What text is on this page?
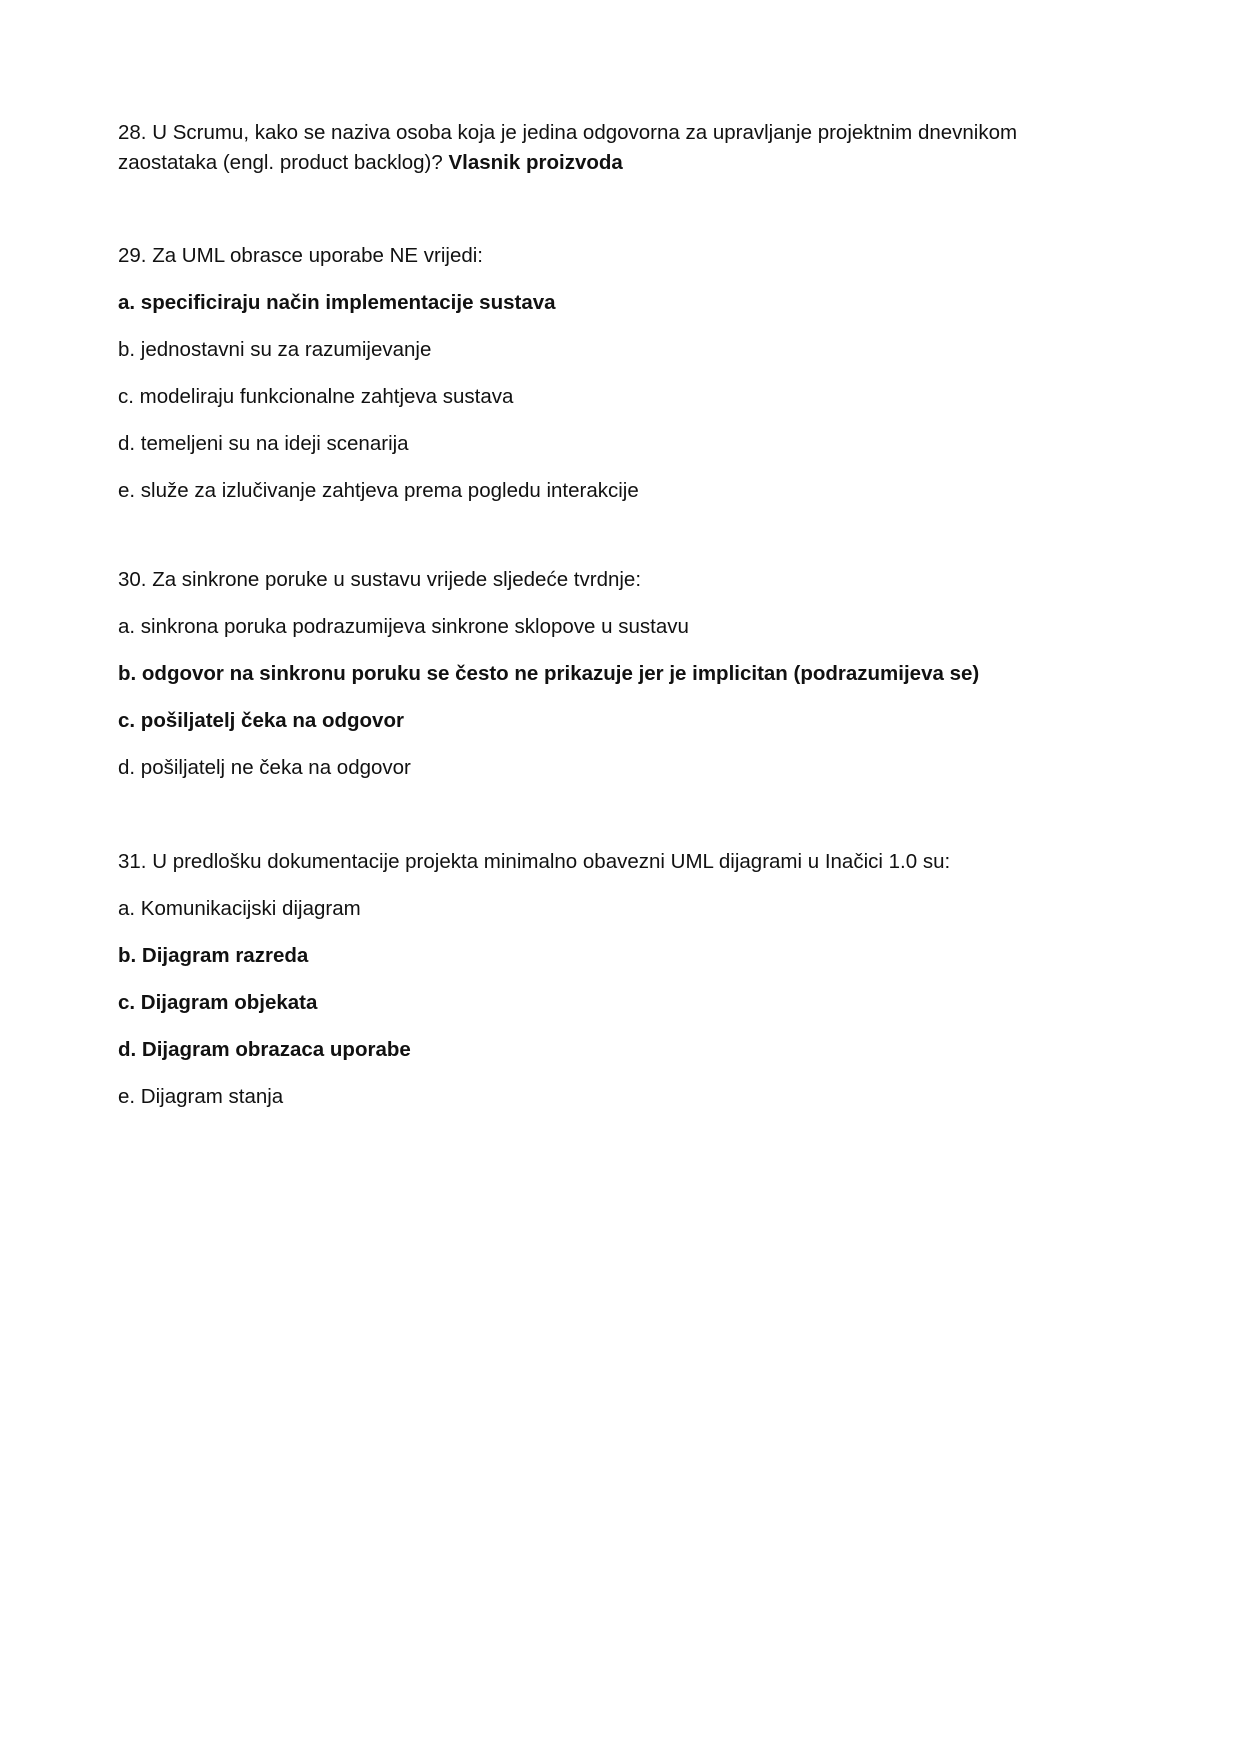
28. U Scrumu, kako se naziva osoba koja je jedina odgovorna za upravljanje projektnim dnevnikom
zaostataka (engl. product backlog)? Vlasnik proizvoda
29. Za UML obrasce uporabe NE vrijedi:
a. specificiraju način implementacije sustava
b. jednostavni su za razumijevanje
c. modeliraju funkcionalne zahtjeva sustava
d. temeljeni su na ideji scenarija
e. služe za izlučivanje zahtjeva prema pogledu interakcije
30. Za sinkrone poruke u sustavu vrijede sljedeće tvrdnje:
a. sinkrona poruka podrazumijeva sinkrone sklopove u sustavu
b. odgovor na sinkronu poruku se često ne prikazuje jer je implicitan (podrazumijeva se)
c. pošiljatelj čeka na odgovor
d. pošiljatelj ne čeka na odgovor
31. U predlošku dokumentacije projekta minimalno obavezni UML dijagrami u Inačici 1.0 su:
a. Komunikacijski dijagram
b. Dijagram razreda
c. Dijagram objekata
d. Dijagram obrazaca uporabe
e. Dijagram stanja
